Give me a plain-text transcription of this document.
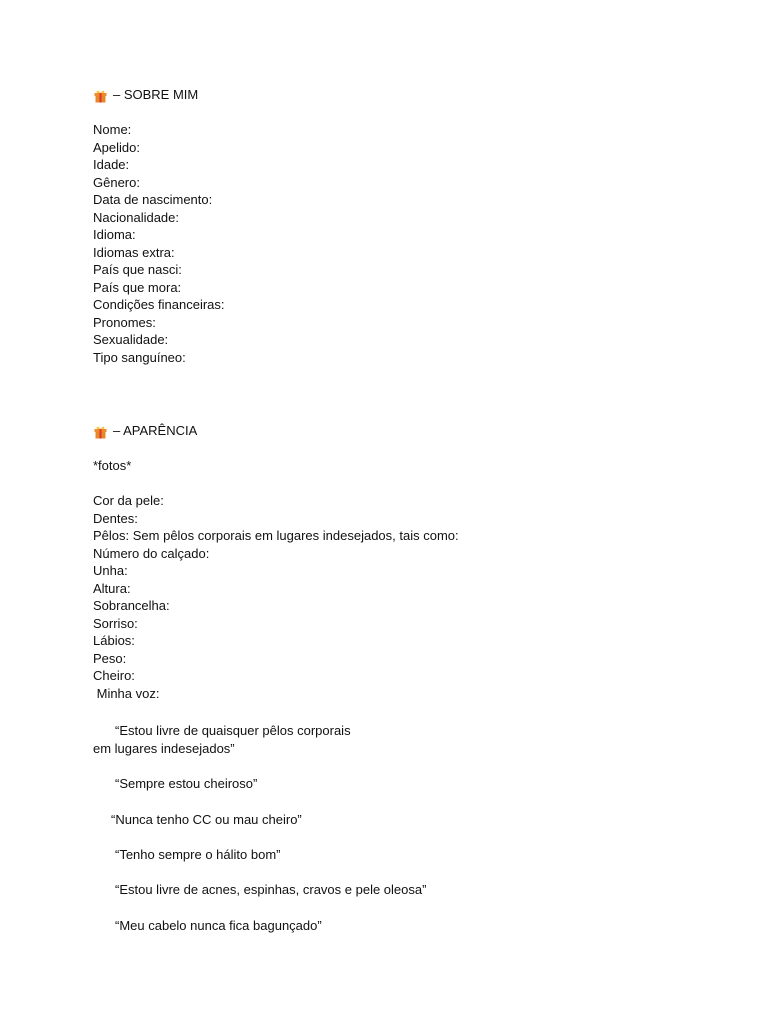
– SOBRE MIM
Nome:
Apelido:
Idade:
Gênero:
Data de nascimento:
Nacionalidade:
Idioma:
Idiomas extra:
País que nasci:
País que mora:
Condições financeiras:
Pronomes:
Sexualidade:
Tipo sanguíneo:
– APARÊNCIA
*fotos*
Cor da pele:
Dentes:
Pêlos: Sem pêlos corporais em lugares indesejados, tais como:
Número do calçado:
Unha:
Altura:
Sobrancelha:
Sorriso:
Lábios:
Peso:
Cheiro:
Minha voz:
“Estou livre de quaisquer pêlos corporais
em lugares indesejados”
“Sempre estou cheiroso”
“Nunca tenho CC ou mau cheiro”
“Tenho sempre o hálito bom”
“Estou livre de acnes, espinhas, cravos e pele oleosa”
“Meu cabelo nunca fica bagunçado”
